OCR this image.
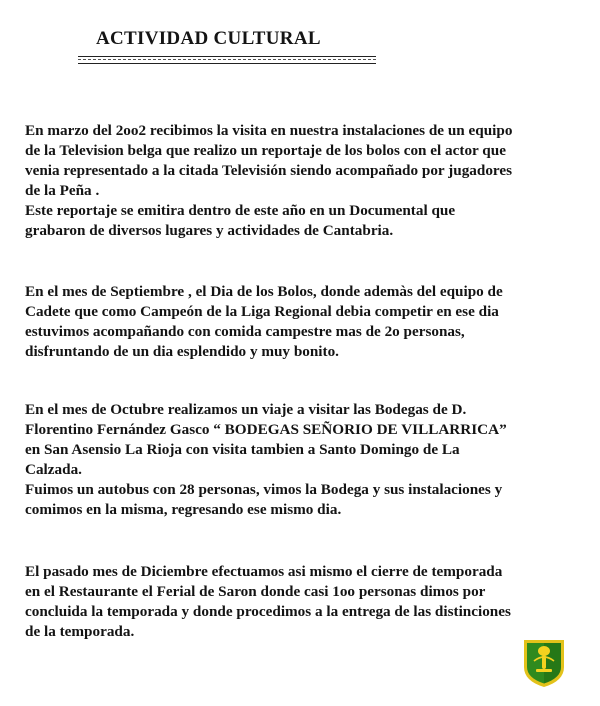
ACTIVIDAD CULTURAL
En marzo del 2oo2 recibimos la visita en nuestra instalaciones de un equipo
de la Television belga que realizo un reportaje de los bolos con el actor que
venia representado a la citada Televisión siendo acompañado por jugadores
de la Peña .
Este reportaje se emitira dentro de este año en un Documental que
grabaron de diversos lugares y actividades de Cantabria.
En el mes de Septiembre , el Dia de los Bolos, donde ademàs del equipo de
Cadete que como Campeón de la Liga Regional debia competir en ese dia
estuvimos acompañando con comida campestre mas de 2o personas,
disfruntando de un dia esplendido y muy bonito.
En el mes de Octubre realizamos un viaje a visitar las Bodegas de D.
Florentino Fernández Gasco “ BODEGAS SEÑORIO DE VILLARRICA”
en San Asensio La Rioja con visita tambien a Santo Domingo de La
Calzada.
Fuimos un autobus con 28 personas, vimos la Bodega y sus instalaciones y
comimos en la misma, regresando ese mismo dia.
El pasado mes de Diciembre efectuamos asi mismo el cierre de temporada
en el Restaurante el Ferial de Saron donde casi 1oo personas dimos por
concluida la temporada y donde procedimos a la entrega de las distinciones
de la temporada.
